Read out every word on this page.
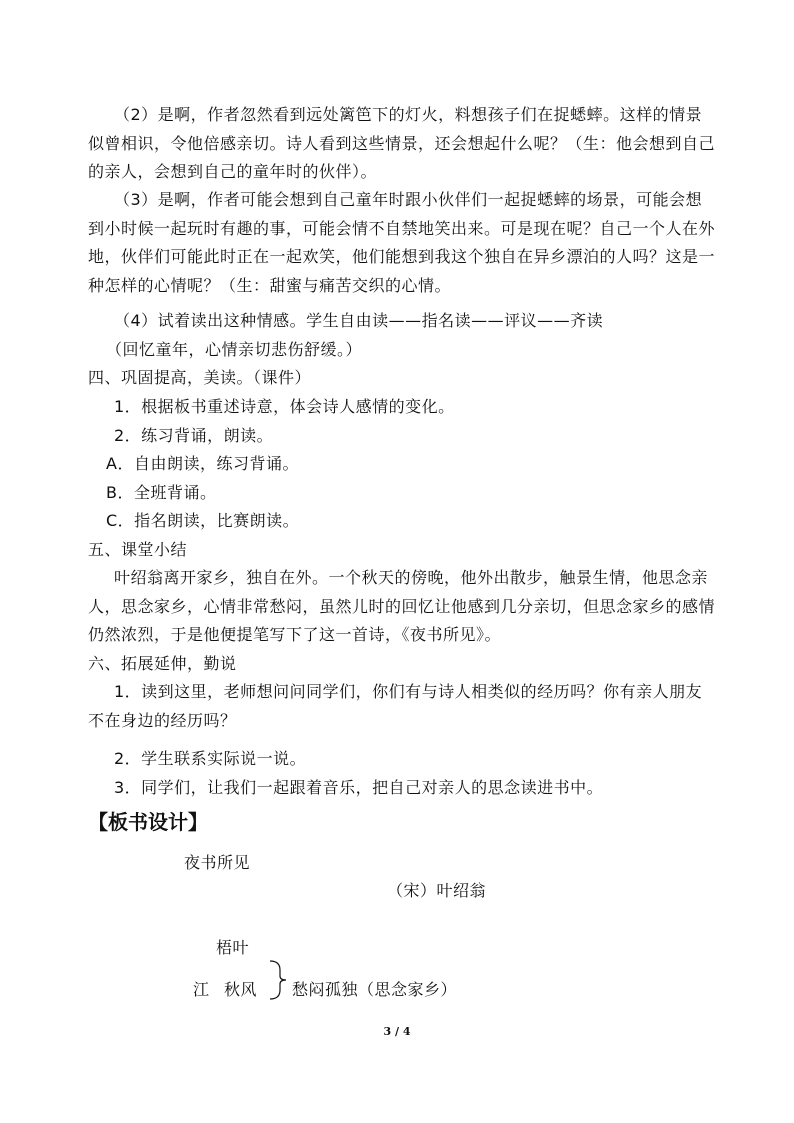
（2）是啊，作者忽然看到远处篱笆下的灯火，料想孩子们在捉蟋蟀。这样的情景似曾相识，令他倍感亲切。诗人看到这些情景，还会想起什么呢？（生：他会想到自己的亲人，会想到自己的童年时的伙伴）。
（3）是啊，作者可能会想到自己童年时跟小伙伴们一起捉蟋蟀的场景，可能会想到小时候一起玩时有趣的事，可能会情不自禁地笑出来。可是现在呢？自己一个人在外地，伙伴们可能此时正在一起欢笑，他们能想到我这个独自在异乡漂泊的人吗？这是一种怎样的心情呢？（生：甜蜜与痛苦交织的心情。
（4）试着读出这种情感。学生自由读——指名读——评议——齐读
（回忆童年，心情亲切悲伤舒缓。）
四、巩固提高，美读。（课件）
1．根据板书重述诗意，体会诗人感情的变化。
2．练习背诵，朗读。
A．自由朗读，练习背诵。
B．全班背诵。
C．指名朗读，比赛朗读。
五、课堂小结
叶绍翁离开家乡，独自在外。一个秋天的傍晚，他外出散步，触景生情，他思念亲人，思念家乡，心情非常愁闷，虽然儿时的回忆让他感到几分亲切，但思念家乡的感情仍然浓烈，于是他便提笔写下了这一首诗，《夜书所见》。
六、拓展延伸，勤说
1．读到这里，老师想问问同学们，你们有与诗人相类似的经历吗？你有亲人朋友不在身边的经历吗？
2．学生联系实际说一说。
3．同学们，让我们一起跟着音乐，把自己对亲人的思念读进书中。
【板书设计】
夜书所见
（宋）叶绍翁
梧叶
江 秋风 愁闷孤独（思念家乡）
3 / 4
